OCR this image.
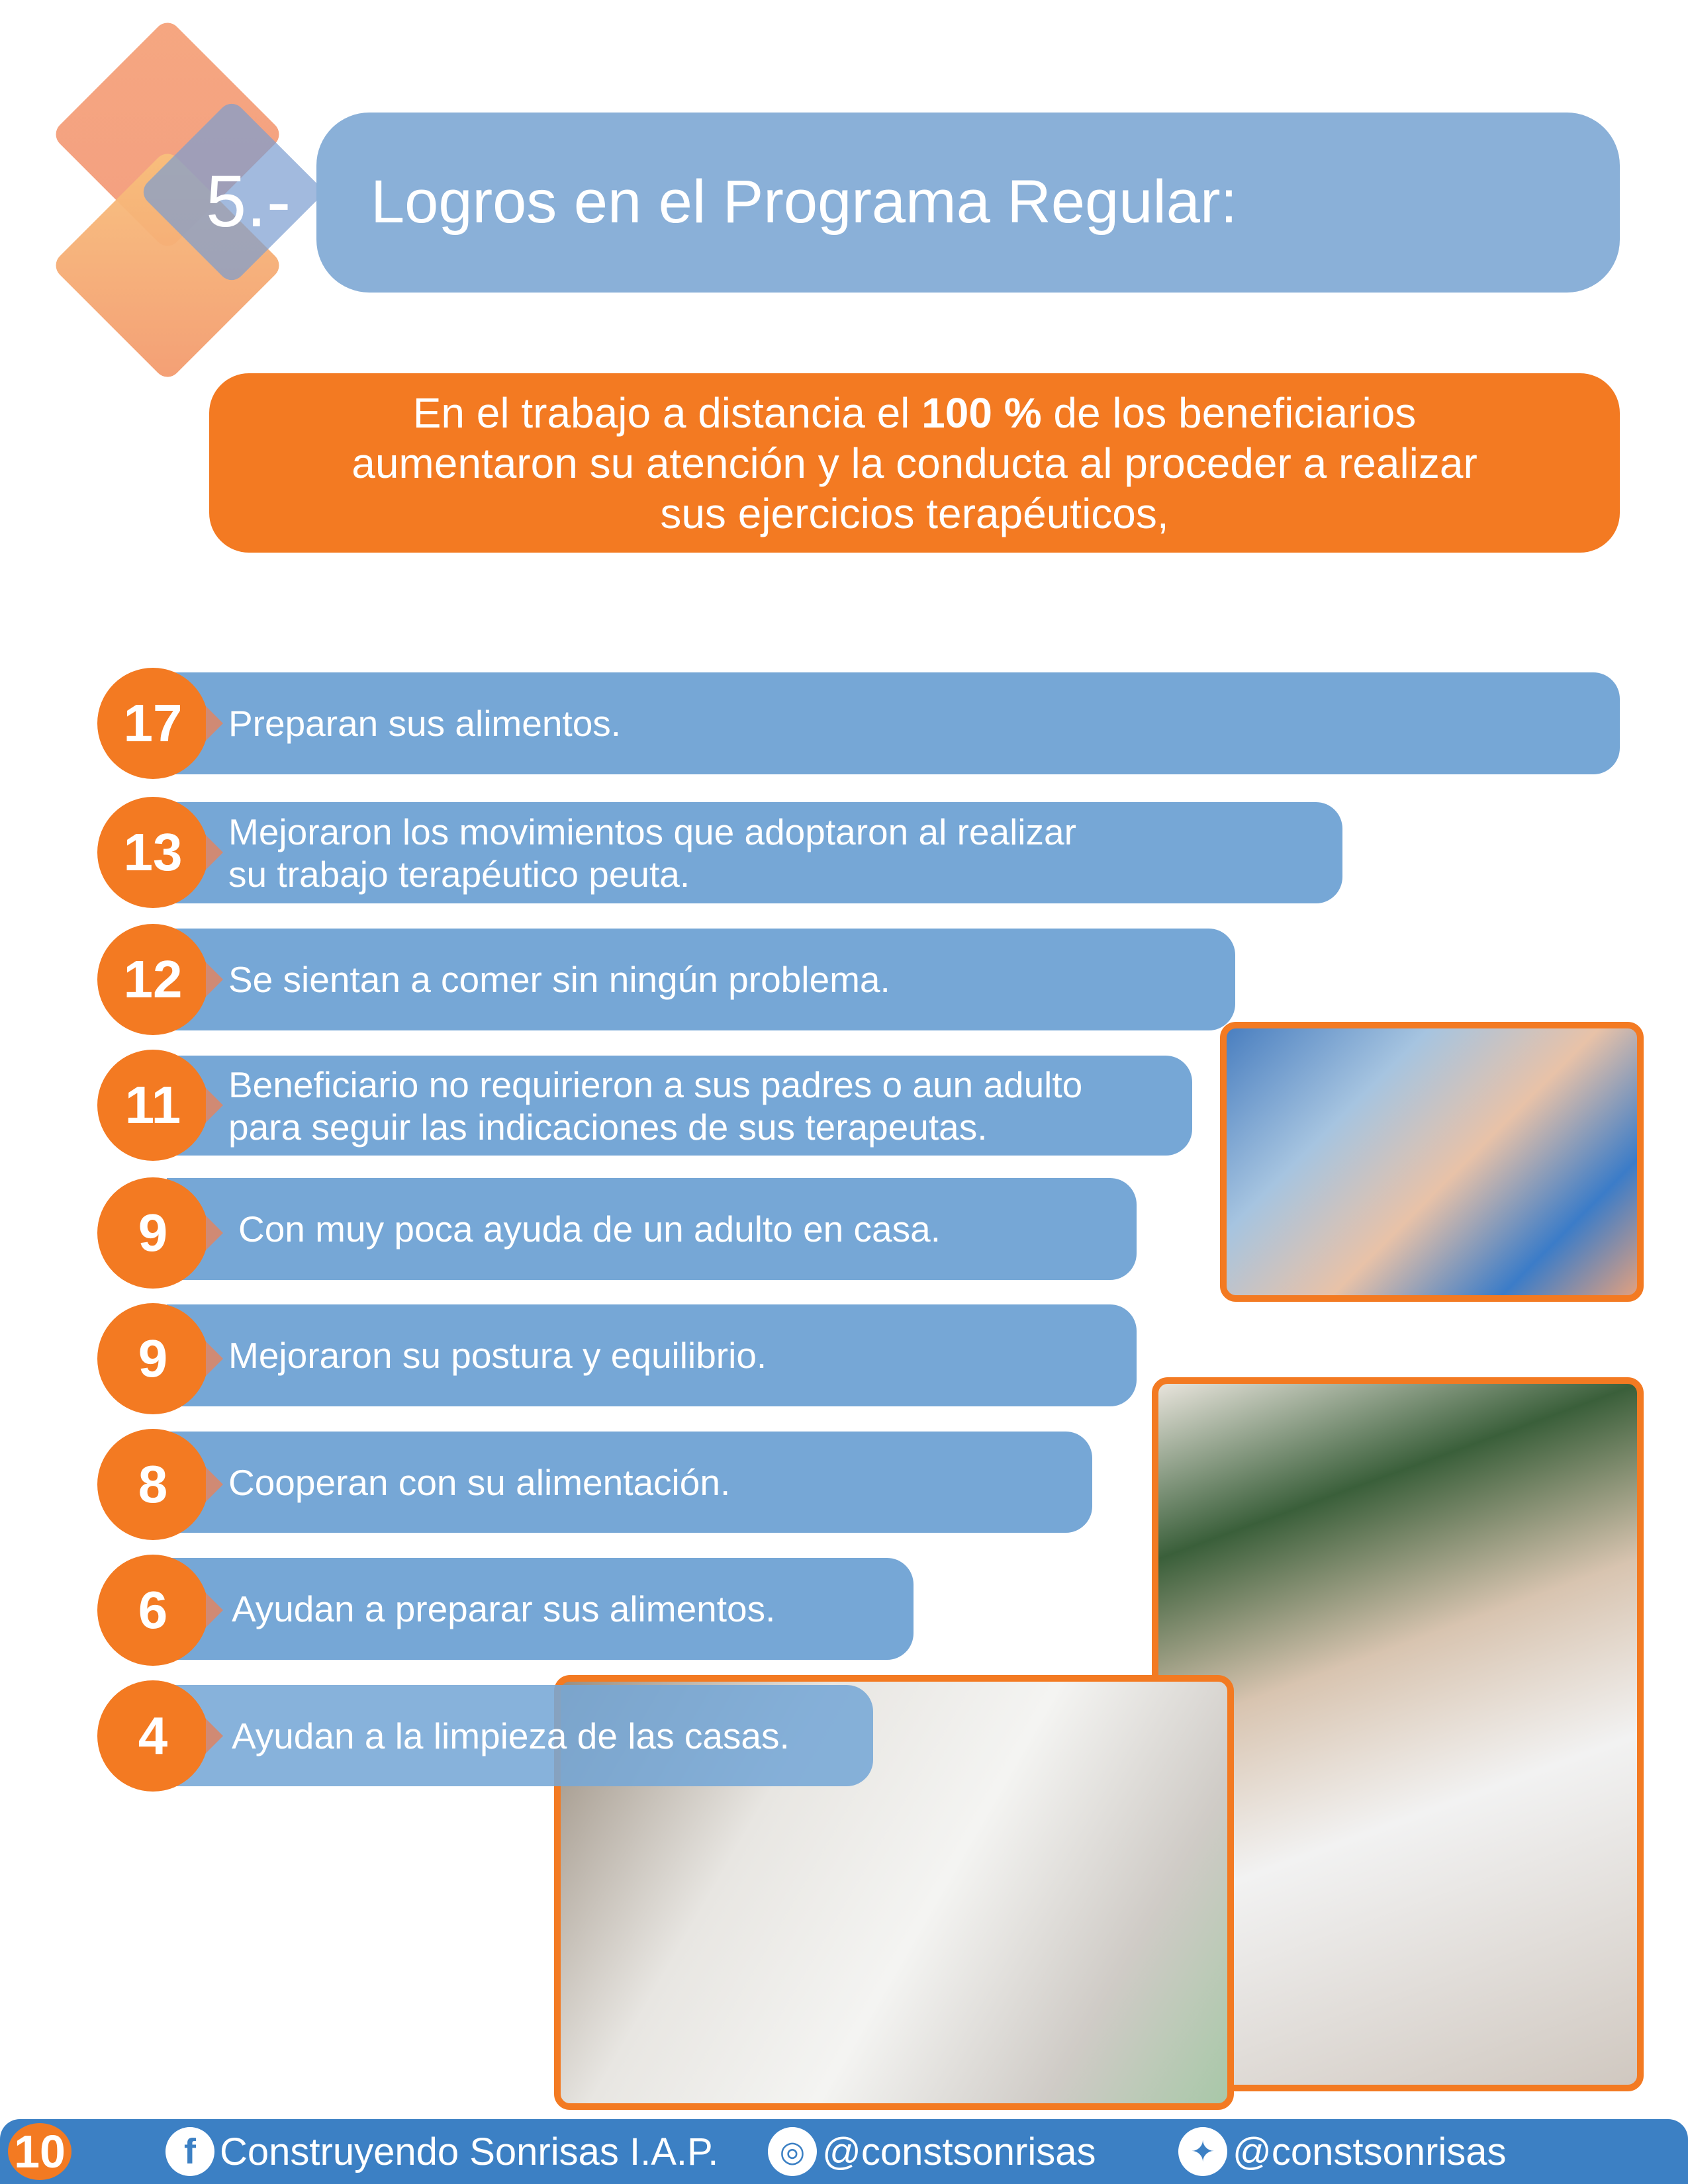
5.- Logros en el Programa Regular:
En el trabajo a distancia el 100 % de los beneficiarios
aumentaron su atención y la conducta al proceder a realizar
sus ejercicios terapéuticos,
Preparan sus alimentos.
17
Mejoraron los movimientos que adoptaron al realizar
su trabajo terapéutico peuta.
13
Se sientan a comer sin ningún problema.
12
Beneficiario no requirieron a sus padres o aun adulto
para seguir las indicaciones de sus terapeutas.
11
Con muy poca ayuda de un adulto en casa.
9
Mejoraron su postura y equilibrio.
9
Cooperan con su alimentación.
8
Ayudan a preparar sus alimentos.
6
Ayudan a la limpieza de las casas.
4
10	f Construyendo Sonrisas I.A.P.	◎ @constsonrisas	✦ @constsonrisas
